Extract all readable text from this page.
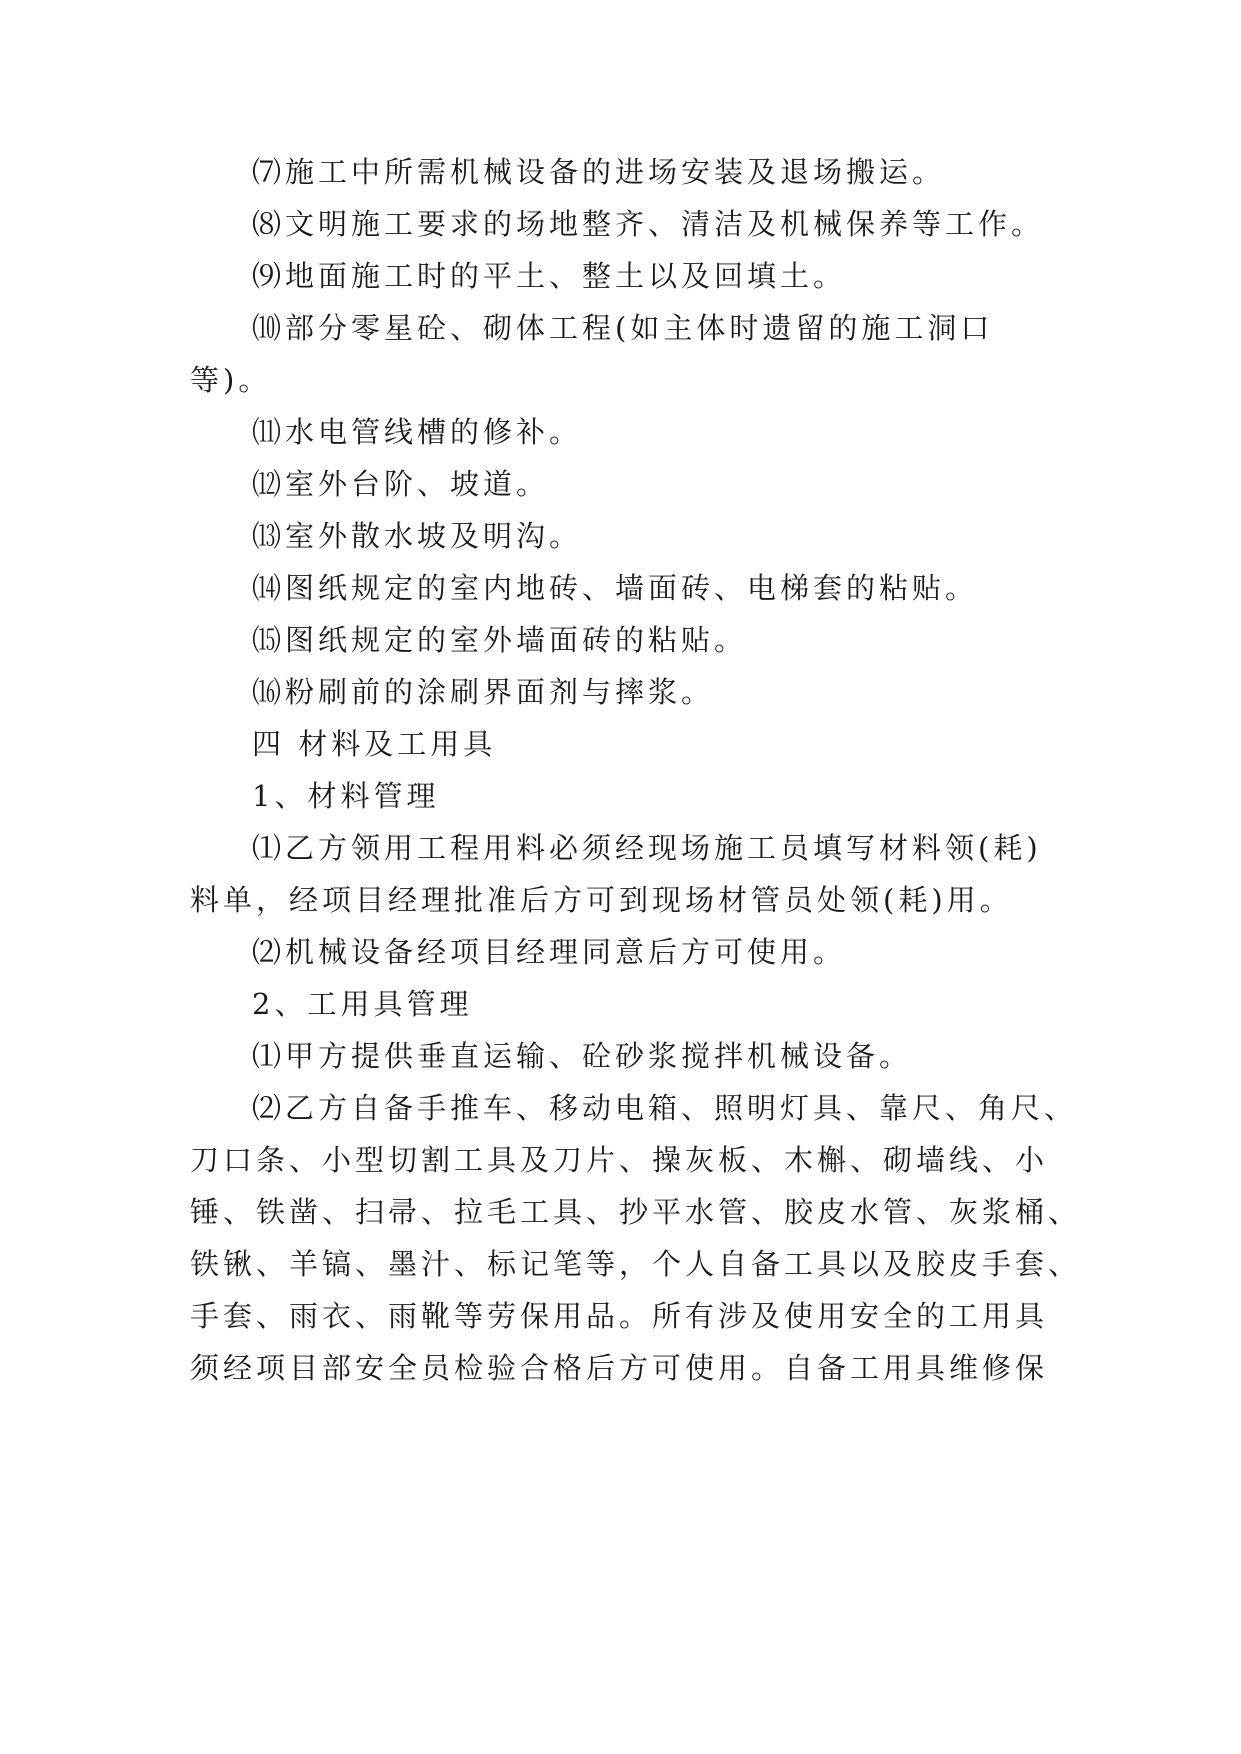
⑺施工中所需机械设备的进场安装及退场搬运。
⑻文明施工要求的场地整齐、清洁及机械保养等工作。
⑼地面施工时的平土、整土以及回填土。
⑽部分零星砼、砌体工程(如主体时遗留的施工洞口
等)。
⑾水电管线槽的修补。
⑿室外台阶、坡道。
⒀室外散水坡及明沟。
⒁图纸规定的室内地砖、墙面砖、电梯套的粘贴。
⒂图纸规定的室外墙面砖的粘贴。
⒃粉刷前的涂刷界面剂与摔浆。
四 材料及工用具
1、材料管理
⑴乙方领用工程用料必须经现场施工员填写材料领(耗)
料单，经项目经理批准后方可到现场材管员处领(耗)用。
⑵机械设备经项目经理同意后方可使用。
2、工用具管理
⑴甲方提供垂直运输、砼砂浆搅拌机械设备。
⑵乙方自备手推车、移动电箱、照明灯具、靠尺、角尺、
刀口条、小型切割工具及刀片、操灰板、木槲、砌墙线、小
锤、铁凿、扫帚、拉毛工具、抄平水管、胶皮水管、灰浆桶、
铁锹、羊镐、墨汁、标记笔等，个人自备工具以及胶皮手套、
手套、雨衣、雨靴等劳保用品。所有涉及使用安全的工用具
须经项目部安全员检验合格后方可使用。自备工用具维修保
